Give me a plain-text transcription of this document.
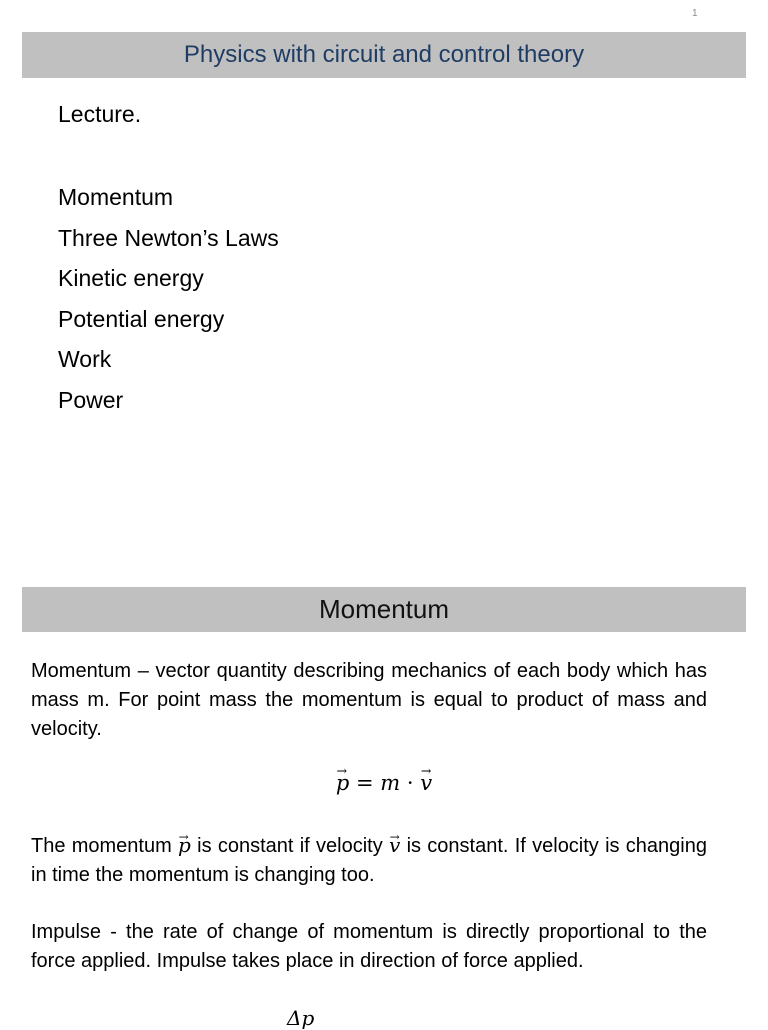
1
Physics with circuit and control theory
Lecture.
Momentum
Three Newton’s Laws
Kinetic energy
Potential energy
Work
Power
Momentum

Momentum – vector quantity describing mechanics of each body which has mass m. For point mass the momentum is equal to product of mass and velocity.

→ p = m · → v

The momentum → p is constant if velocity → v is constant. If velocity is changing in time the momentum is changing too.

Impulse - the rate of change of momentum is directly proportional to the force applied. Impulse takes place in direction of force applied.

Δp
